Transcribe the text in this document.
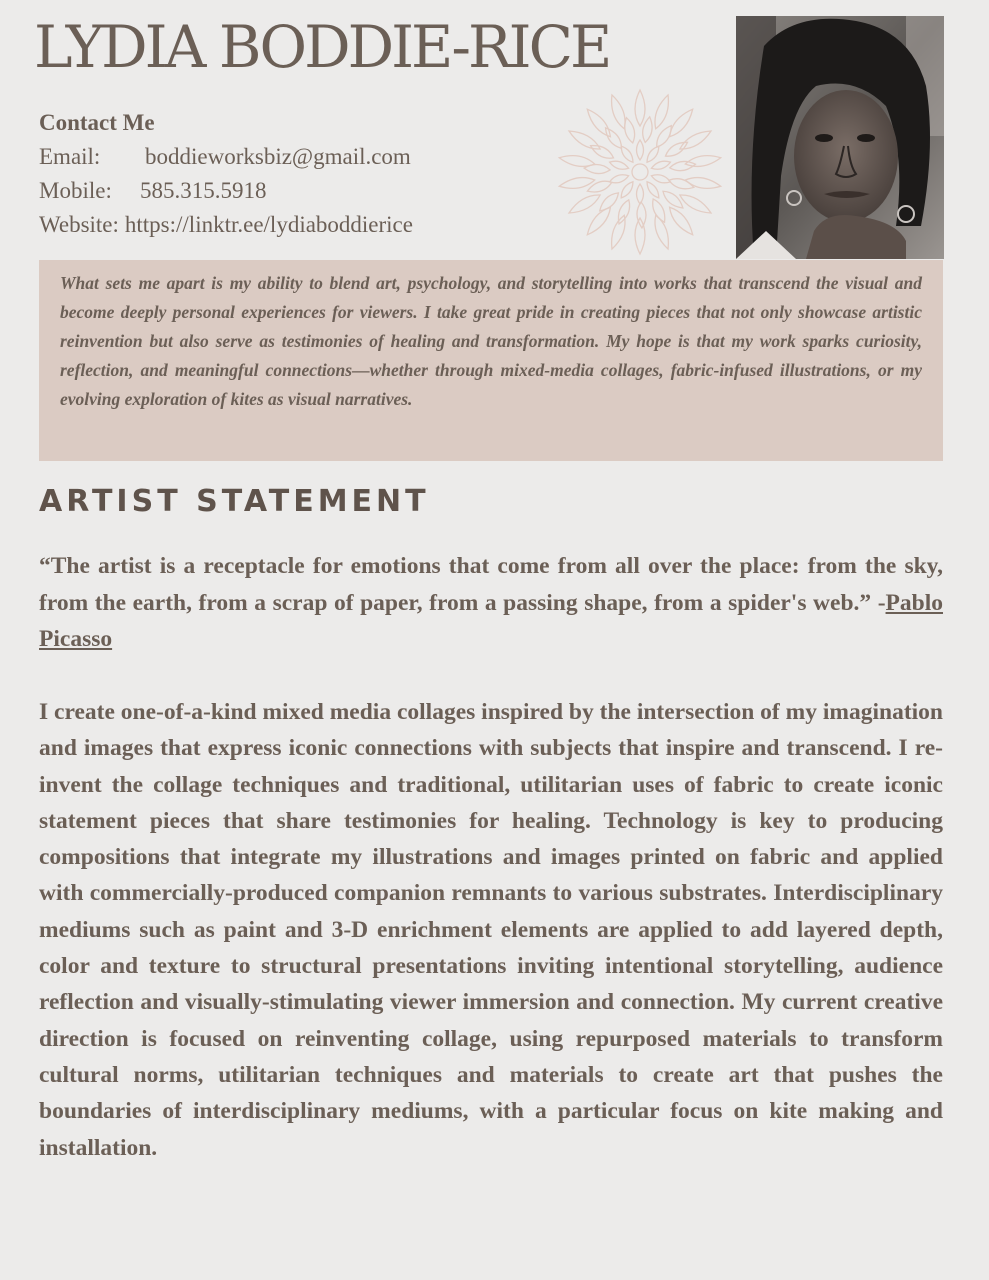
LYDIA BODDIE-RICE
Contact Me
Email: boddieworksbiz@gmail.com
Mobile: 585.315.5918
Website: https://linktr.ee/lydiaboddierice

What sets me apart is my ability to blend art, psychology, and storytelling into works that transcend the visual and become deeply personal experiences for viewers. I take great pride in creating pieces that not only showcase artistic reinvention but also serve as testimonies of healing and transformation. My hope is that my work sparks curiosity, reflection, and meaningful connections—whether through mixed-media collages, fabric-infused illustrations, or my evolving exploration of kites as visual narratives.

ARTIST STATEMENT

“The artist is a receptacle for emotions that come from all over the place: from the sky, from the earth, from a scrap of paper, from a passing shape, from a spider's web.” -Pablo Picasso

I create one-of-a-kind mixed media collages inspired by the intersection of my imagination and images that express iconic connections with subjects that inspire and transcend. I re-invent the collage techniques and traditional, utilitarian uses of fabric to create iconic statement pieces that share testimonies for healing. Technology is key to producing compositions that integrate my illustrations and images printed on fabric and applied with commercially-produced companion remnants to various substrates. Interdisciplinary mediums such as paint and 3-D enrichment elements are applied to add layered depth, color and texture to structural presentations inviting intentional storytelling, audience reflection and visually-stimulating viewer immersion and connection. My current creative direction is focused on reinventing collage, using repurposed materials to transform cultural norms, utilitarian techniques and materials to create art that pushes the boundaries of interdisciplinary mediums, with a particular focus on kite making and installation.
